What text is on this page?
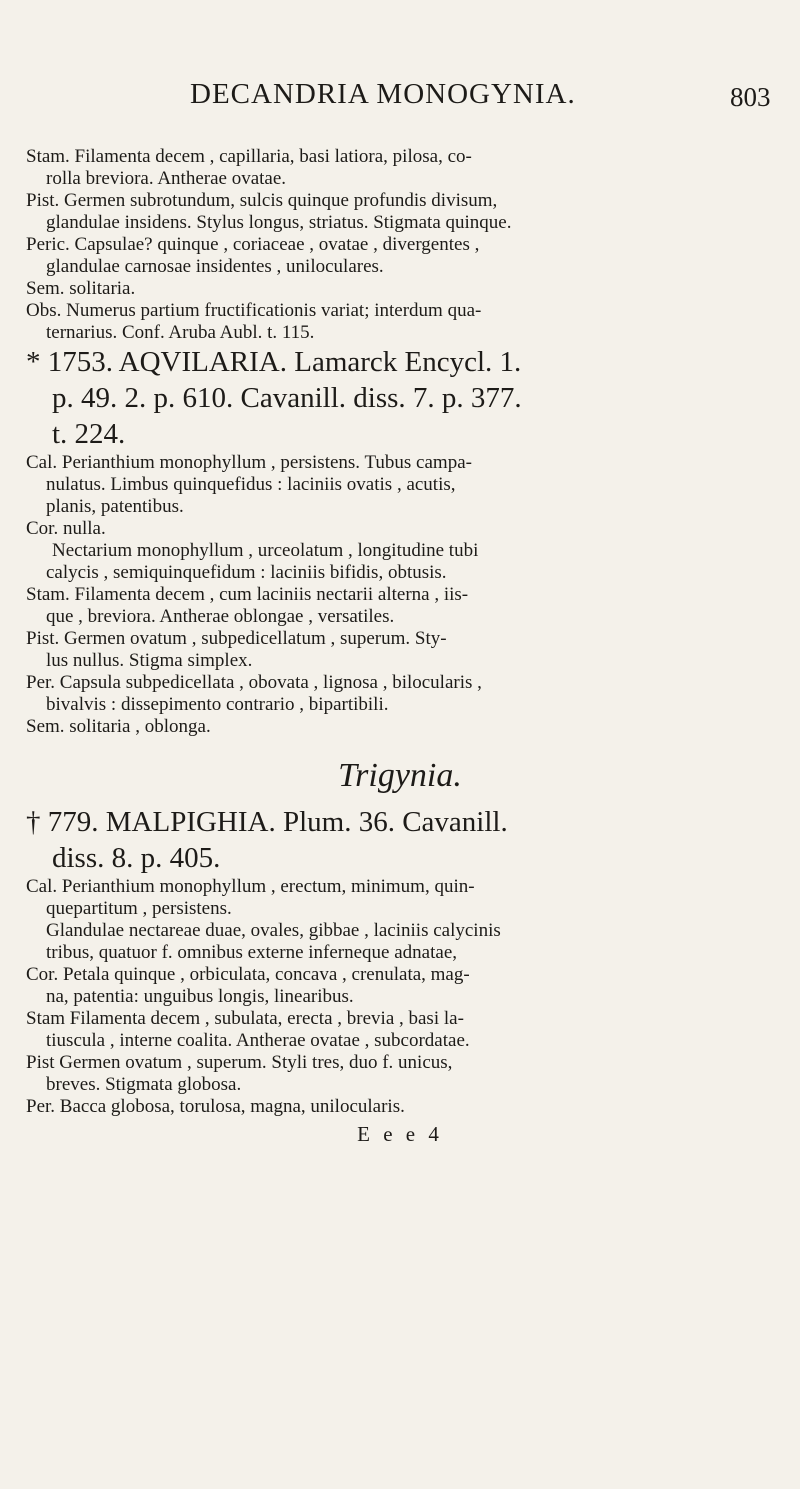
DECANDRIA MONOGYNIA.	803
Stam. Filamenta decem , capillaria, basi latiora, pilosa, co-
rolla breviora. Antherae ovatae.
Pist. Germen subrotundum, sulcis quinque profundis divisum,
glandulae insidens. Stylus longus, striatus. Stigmata quinque.
Peric. Capsulae? quinque , coriaceae , ovatae , divergentes ,
glandulae carnosae insidentes , uniloculares.
Sem. solitaria.
Obs. Numerus partium fructificationis variat; interdum qua-
ternarius. Conf. Aruba Aubl. t. 115.
* 1753. AQVILARIA. Lamarck Encycl. 1.
p. 49. 2. p. 610. Cavanill. diss. 7. p. 377.
t. 224.
Cal. Perianthium monophyllum , persistens. Tubus campa-
nulatus. Limbus quinquefidus : laciniis ovatis , acutis,
planis, patentibus.
Cor. nulla.
Nectarium monophyllum , urceolatum , longitudine tubi
calycis , semiquinquefidum : laciniis bifidis, obtusis.
Stam. Filamenta decem , cum laciniis nectarii alterna , iis-
que , breviora. Antherae oblongae , versatiles.
Pist. Germen ovatum , subpedicellatum , superum. Sty-
lus nullus. Stigma simplex.
Per. Capsula subpedicellata , obovata , lignosa , bilocularis ,
bivalvis : dissepimento contrario , bipartibili.
Sem. solitaria , oblonga.
Trigynia.
† 779. MALPIGHIA. Plum. 36. Cavanill.
diss. 8. p. 405.
Cal. Perianthium monophyllum , erectum, minimum, quin-
quepartitum , persistens.
Glandulae nectareae duae, ovales, gibbae , laciniis calycinis
tribus, quatuor f. omnibus externe inferneque adnatae,
Cor. Petala quinque , orbiculata, concava , crenulata, mag-
na, patentia: unguibus longis, linearibus.
Stam Filamenta decem , subulata, erecta , brevia , basi la-
tiuscula , interne coalita. Antherae ovatae , subcordatae.
Pist Germen ovatum , superum. Styli tres, duo f. unicus,
breves. Stigmata globosa.
Per. Bacca globosa, torulosa, magna, unilocularis.
E e e 4
